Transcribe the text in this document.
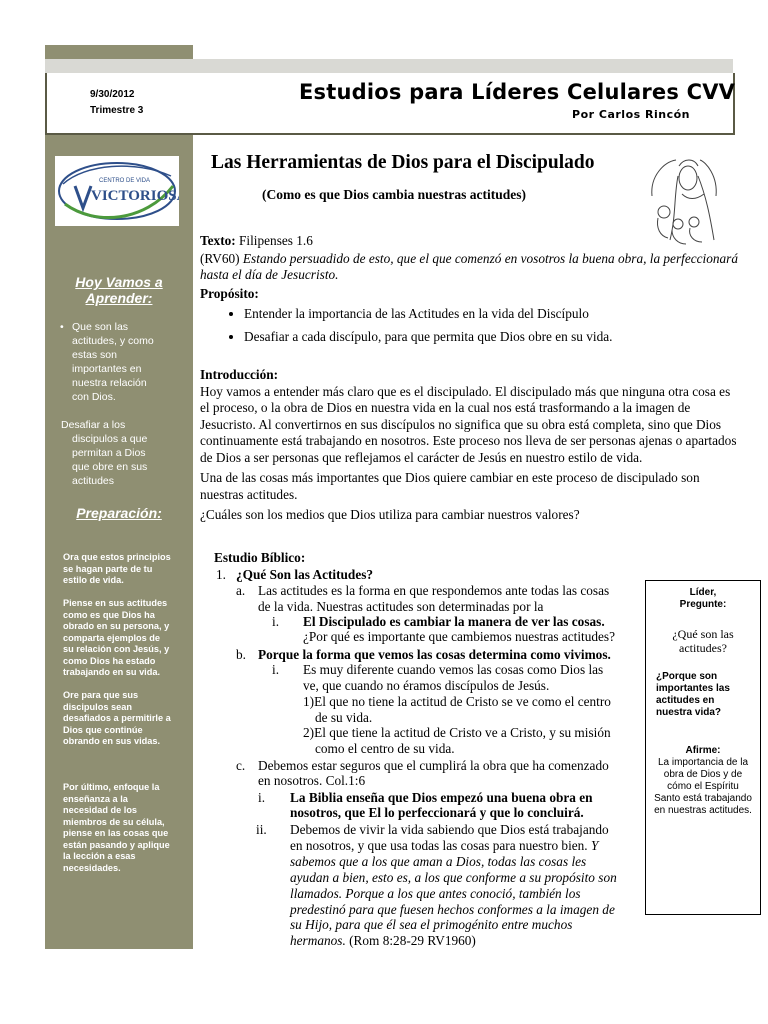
9/30/2012
Trimestre 3
Estudios para Líderes Celulares CVV
Por Carlos Rincón
CENTRO DE VIDA
VICTORIOSA
Hoy Vamos a
Aprender:
• Que son las
actitudes, y como
estas son
importantes en
nuestra relación
con Dios.
Desafiar a los
discipulos a que
permitan a Dios
que obre en sus
actitudes
Preparación:
Ora que estos principios
se hagan parte de tu
estilo de vida.
Piense en sus actitudes
como es que Dios ha
obrado en su persona, y
comparta ejemplos de
su relación con Jesús, y
como Dios ha estado
trabajando en su vida.
Ore para que sus
discipulos sean
desafiados a permitirle a
Dios que continúe
obrando en sus vidas.
Por último, enfoque la
enseñanza a la
necesidad de los
miembros de su célula,
piense en las cosas que
están pasando y aplique
la lección a esas
necesidades.
Las Herramientas de Dios para el Discipulado
(Como es que Dios cambia nuestras actitudes)
Texto: Filipenses 1.6
(RV60) Estando persuadido de esto, que el que comenzó en vosotros la buena obra, la perfeccionará hasta el día de Jesucristo.
Propósito:
• Entender la importancia de las Actitudes en la vida del Discípulo
• Desafiar a cada discípulo, para que permita que Dios obre en su vida.
Introducción:
Hoy vamos a entender más claro que es el discipulado. El discipulado más que ninguna otra cosa es el proceso, o la obra de Dios en nuestra vida en la cual nos está trasformando a la imagen de Jesucristo. Al convertirnos en sus discípulos no significa que su obra está completa, sino que Dios continuamente está trabajando en nosotros. Este proceso nos lleva de ser personas ajenas o apartados de Dios a ser personas que reflejamos el carácter de Jesús en nuestro estilo de vida.
Una de las cosas más importantes que Dios quiere cambiar en este proceso de discipulado son nuestras actitudes.
¿Cuáles son los medios que Dios utiliza para cambiar nuestros valores?
Estudio Bíblico:
1. ¿Qué Son las Actitudes?
a. Las actitudes es la forma en que respondemos ante todas las cosas
de la vida. Nuestras actitudes son determinadas por la
i. El Discipulado es cambiar la manera de ver las cosas.
¿Por qué es importante que cambiemos nuestras actitudes?
b. Porque la forma que vemos las cosas determina como vivimos.
i. Es muy diferente cuando vemos las cosas como Dios las
ve, que cuando no éramos discípulos de Jesús.
1)El que no tiene la actitud de Cristo se ve como el centro
de su vida.
2)El que tiene la actitud de Cristo ve a Cristo, y su misión
como el centro de su vida.
c. Debemos estar seguros que el cumplirá la obra que ha comenzado
en nosotros. Col.1:6
i. La Biblia enseña que Dios empezó una buena obra en
nosotros, que El lo perfeccionará y que lo concluirá.
ii. Debemos de vivir la vida sabiendo que Dios está trabajando
en nosotros, y que usa todas las cosas para nuestro bien. Y
sabemos que a los que aman a Dios, todas las cosas les
ayudan a bien, esto es, a los que conforme a su propósito son
llamados. Porque a los que antes conoció, también los
predestinó para que fuesen hechos conformes a la imagen de
su Hijo, para que él sea el primogénito entre muchos
hermanos. (Rom 8:28-29 RV1960)
Líder,
Pregunte:
¿Qué son las actitudes?
¿Porque son importantes las actitudes en nuestra vida?
Afirme:
La importancia de la obra de Dios y de cómo el Espíritu Santo está trabajando en nuestras actitudes.
